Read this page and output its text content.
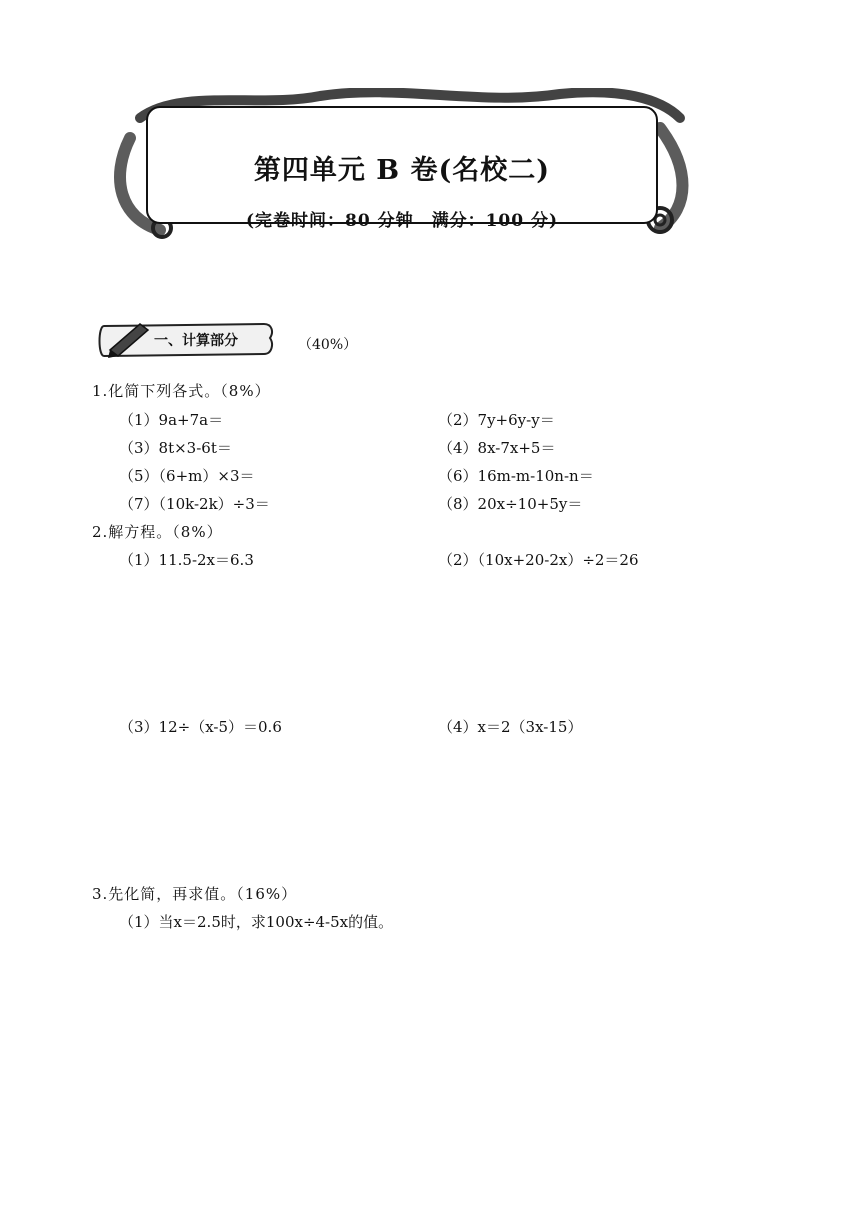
第四单元 B 卷(名校二)
(完卷时间：80 分钟　满分：100 分)
一、计算部分	（40%）
1.化简下列各式。（8%）
（1）9a+7a＝	（2）7y+6y-y＝
（3）8t×3-6t＝	（4）8x-7x+5＝
（5）（6+m）×3＝	（6）16m-m-10n-n＝
（7）（10k-2k）÷3＝	（8）20x÷10+5y＝
2.解方程。（8%）
（1）11.5-2x＝6.3	（2）（10x+20-2x）÷2＝26
（3）12÷（x-5）＝0.6	（4）x＝2（3x-15）
3.先化简，再求值。（16%）
（1）当x＝2.5时，求100x÷4-5x的值。
